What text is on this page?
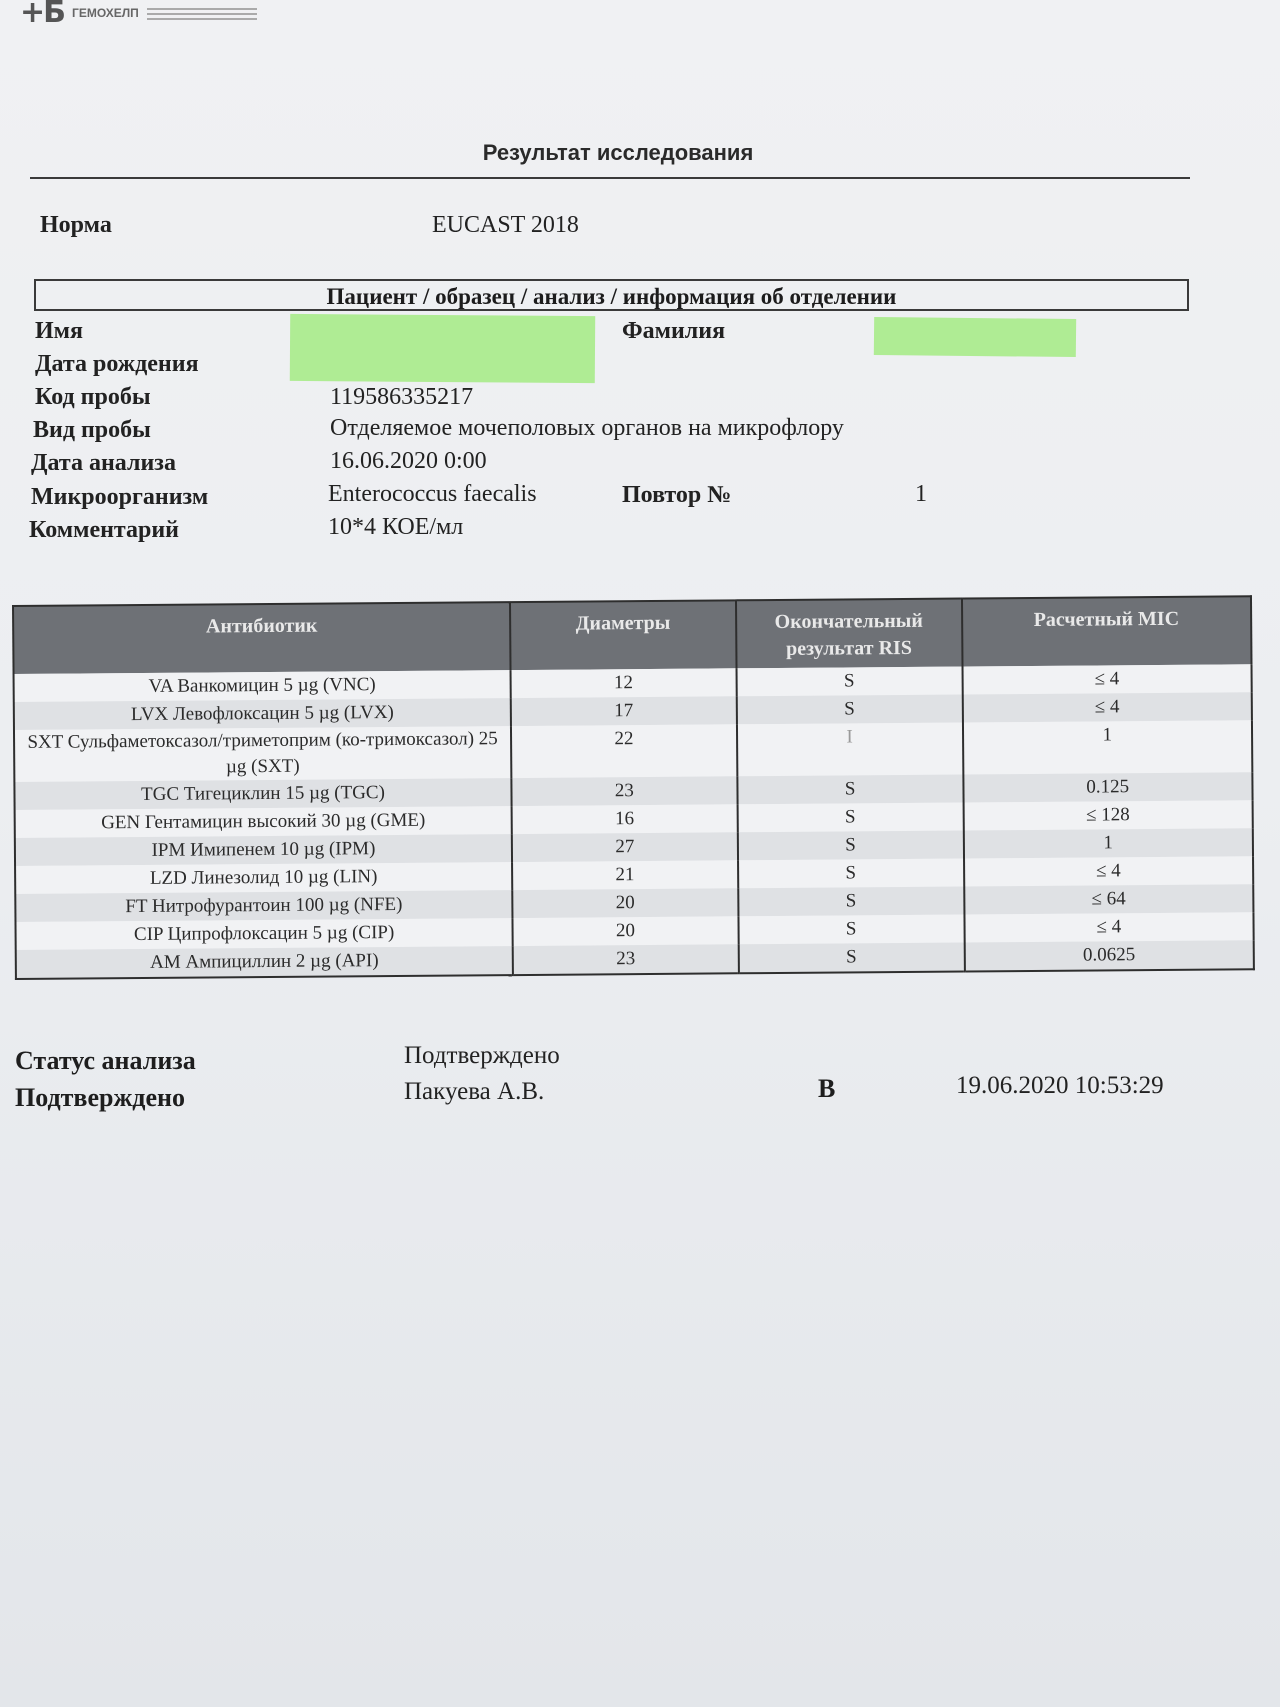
+Ƃ ГЕМОХЕЛП
Результат исследования
Норма	EUCAST 2018
Пациент / образец / анализ / информация об отделении
Имя	Фамилия
Дата рождения
Код пробы	119586335217
Вид пробы	Отделяемое мочеполовых органов на микрофлору
Дата анализа	16.06.2020 0:00
Микроорганизм	Enterococcus faecalis	Повтор №	1
Комментарий	10*4 КОЕ/мл
Антибиотик	Диаметры	Окончательный результат RIS	Расчетный MIC
VA Ванкомицин 5 µg (VNC)	12	S	≤ 4
LVX Левофлоксацин 5 µg (LVX)	17	S	≤ 4
SXT Сульфаметоксазол/триметоприм (ко-тримоксазол) 25 µg (SXT)	22	I	1
TGC Тигециклин 15 µg (TGC)	23	S	0.125
GEN Гентамицин высокий 30 µg (GME)	16	S	≤ 128
IPM Имипенем 10 µg (IPM)	27	S	1
LZD Линезолид 10 µg (LIN)	21	S	≤ 4
FT Нитрофурантоин 100 µg (NFE)	20	S	≤ 64
CIP Ципрофлоксацин 5 µg (CIP)	20	S	≤ 4
AM Ампициллин 2 µg (API)	23	S	0.0625
Статус анализа	Подтверждено
Подтверждено	Пакуева А.В.	В	19.06.2020 10:53:29
